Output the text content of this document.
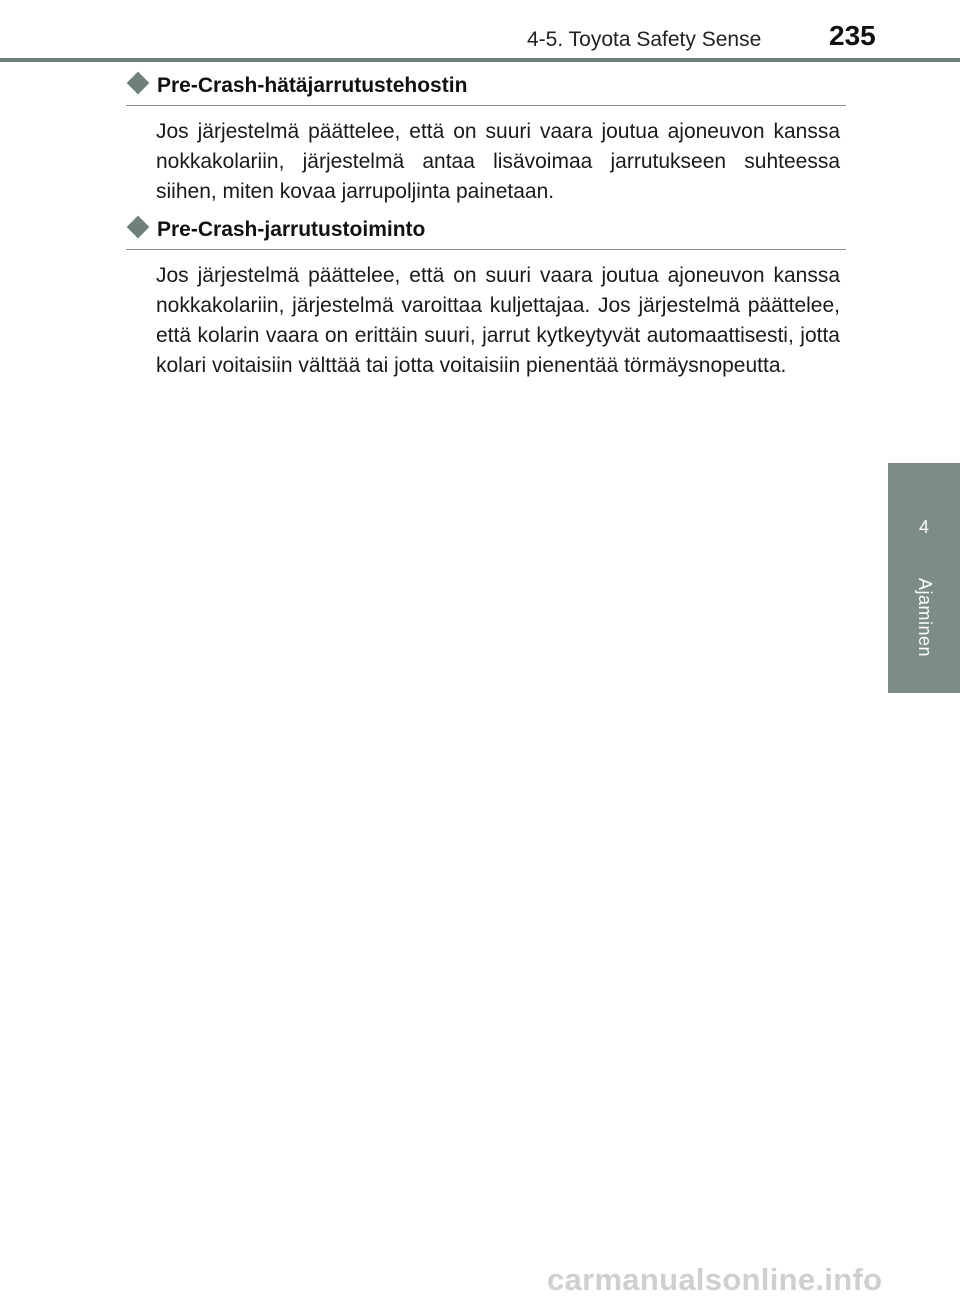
4-5. Toyota Safety Sense 235
4
Ajaminen
Pre-Crash-hätäjarrutustehostin

Jos järjestelmä päättelee, että on suuri vaara joutua ajoneuvon kanssa nokkakolariin, järjestelmä antaa lisävoimaa jarrutukseen suhteessa siihen, miten kovaa jarrupoljinta painetaan.

Pre-Crash-jarrutustoiminto

Jos järjestelmä päättelee, että on suuri vaara joutua ajoneuvon kanssa nokkakolariin, järjestelmä varoittaa kuljettajaa. Jos järjestelmä päättelee, että kolarin vaara on erittäin suuri, jarrut kytkeytyvät automaattisesti, jotta kolari voitaisiin välttää tai jotta voitaisiin pienentää törmäysnopeutta.

carmanualsonline.info
